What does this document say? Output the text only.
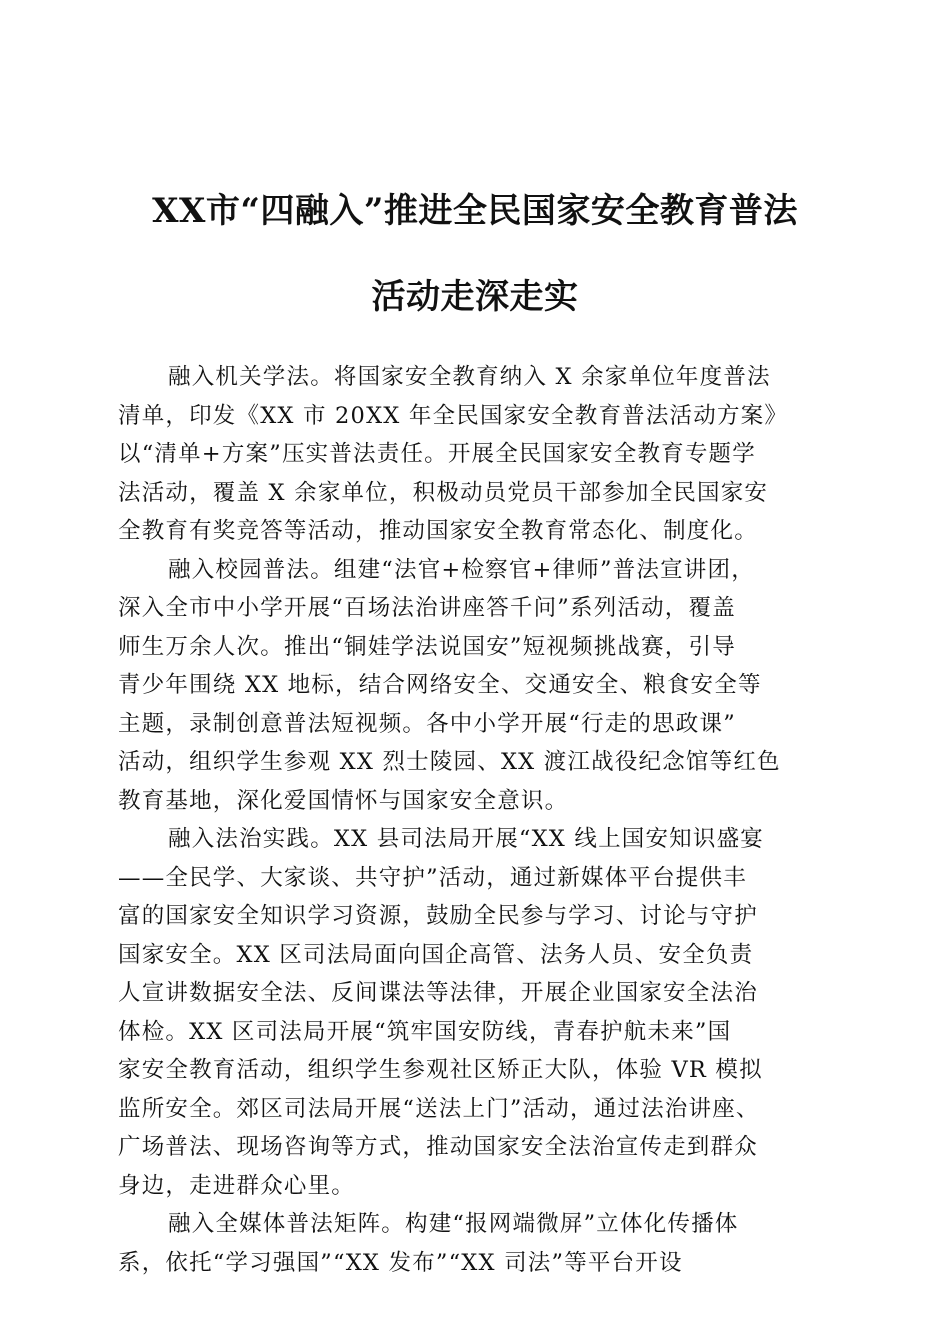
XX市“四融入”推进全民国家安全教育普法
活动走深走实

融入机关学法。将国家安全教育纳入 X 余家单位年度普法
清单，印发《XX 市 20XX 年全民国家安全教育普法活动方案》
以“清单+方案”压实普法责任。开展全民国家安全教育专题学
法活动，覆盖 X 余家单位，积极动员党员干部参加全民国家安
全教育有奖竞答等活动，推动国家安全教育常态化、制度化。

融入校园普法。组建“法官+检察官+律师”普法宣讲团，
深入全市中小学开展“百场法治讲座答千问”系列活动，覆盖
师生万余人次。推出“铜娃学法说国安”短视频挑战赛，引导
青少年围绕 XX 地标，结合网络安全、交通安全、粮食安全等
主题，录制创意普法短视频。各中小学开展“行走的思政课”
活动，组织学生参观 XX 烈士陵园、XX 渡江战役纪念馆等红色
教育基地，深化爱国情怀与国家安全意识。

融入法治实践。XX 县司法局开展“XX 线上国安知识盛宴
——全民学、大家谈、共守护”活动，通过新媒体平台提供丰
富的国家安全知识学习资源，鼓励全民参与学习、讨论与守护
国家安全。XX 区司法局面向国企高管、法务人员、安全负责
人宣讲数据安全法、反间谍法等法律，开展企业国家安全法治
体检。XX 区司法局开展“筑牢国安防线，青春护航未来”国
家安全教育活动，组织学生参观社区矫正大队，体验 VR 模拟
监所安全。郊区司法局开展“送法上门”活动，通过法治讲座、
广场普法、现场咨询等方式，推动国家安全法治宣传走到群众
身边，走进群众心里。

融入全媒体普法矩阵。构建“报网端微屏”立体化传播体
系，依托“学习强国”“XX 发布”“XX 司法”等平台开设
